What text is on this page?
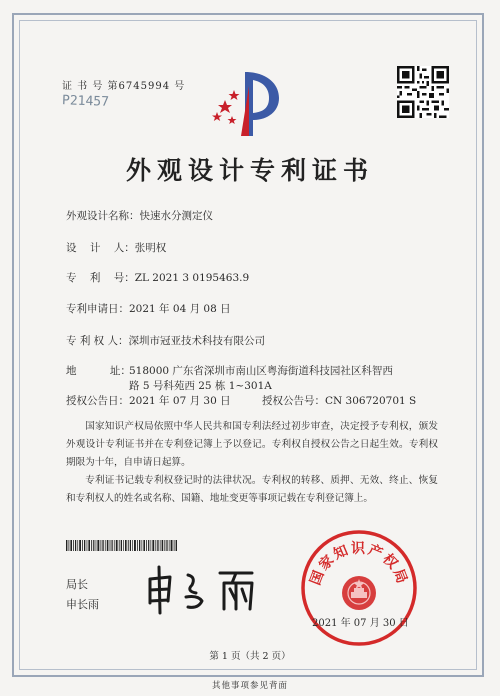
证 书 号 第6745994 号
P21457
外观设计专利证书
外观设计名称：快速水分测定仪
设    计    人：张明权
专    利    号：ZL 2021 3 0195463.9
专利申请日：2021 年 04 月 08 日
专 利 权 人：深圳市冠亚技术科技有限公司
地          址：
518000 广东省深圳市南山区粤海街道科技园社区科智西
路 5 号科苑西 25 栋 1~301A
授权公告日：2021 年 07 月 30 日	授权公告号：CN 306720701 S
国家知识产权局依照中华人民共和国专利法经过初步审查，决定授予专利权，颁发外观设计专利证书并在专利登记簿上予以登记。专利权自授权公告之日起生效。专利权期限为十年，自申请日起算。
专利证书记载专利权登记时的法律状况。专利权的转移、质押、无效、终止、恢复和专利权人的姓名或名称、国籍、地址变更等事项记载在专利登记簿上。
局长
申长雨
国家知识产权局
2021 年 07 月 30 日
第 1 页（共 2 页）
其他事项参见背面
